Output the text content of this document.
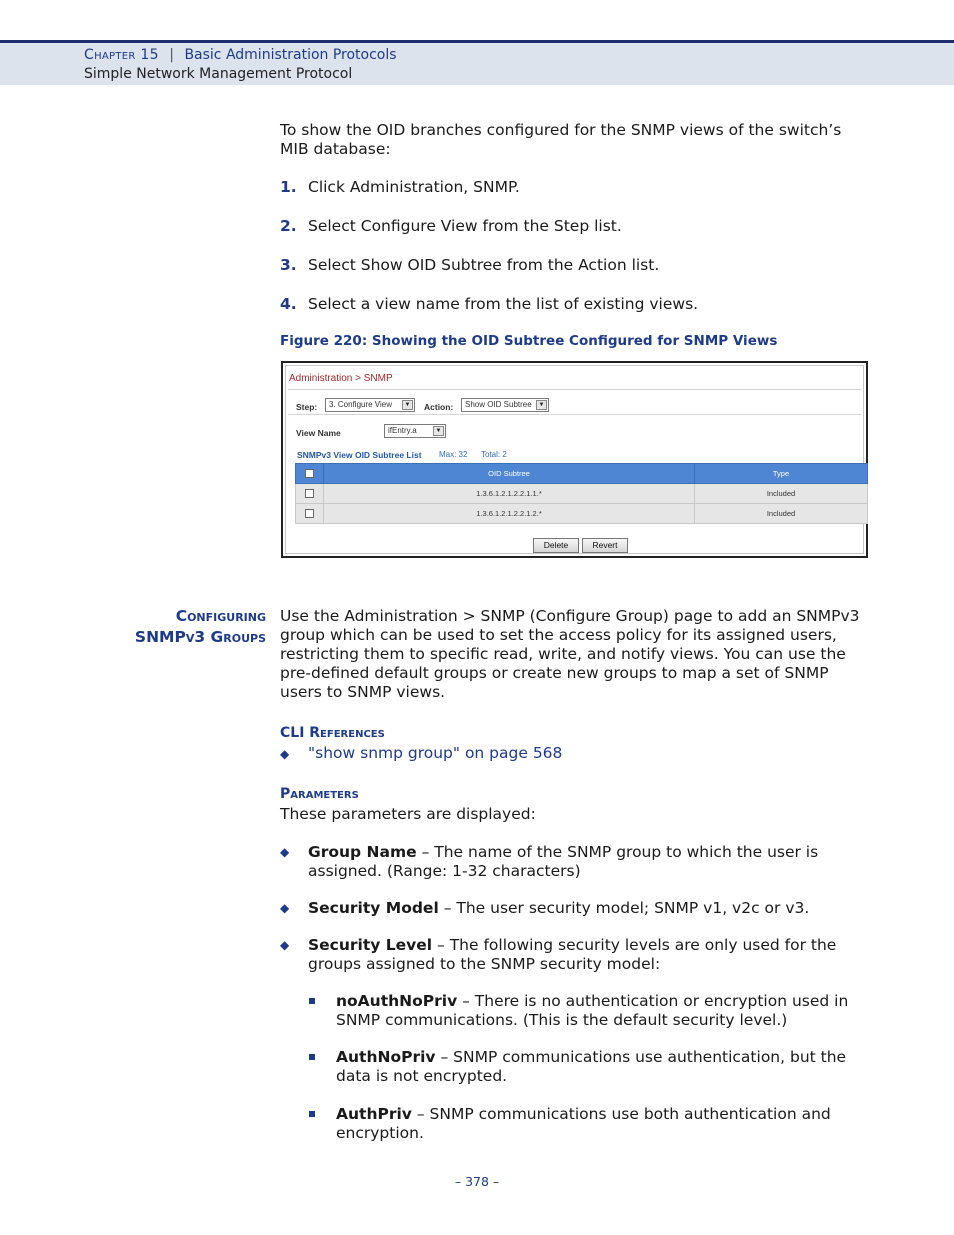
Chapter 15 | Basic Administration Protocols
Simple Network Management Protocol
To show the OID branches configured for the SNMP views of the switch’s MIB database:
1. Click Administration, SNMP.
2. Select Configure View from the Step list.
3. Select Show OID Subtree from the Action list.
4. Select a view name from the list of existing views.
Figure 220: Showing the OID Subtree Configured for SNMP Views
Administration > SNMP
Step:	3. Configure View	▼ Action:	Show OID Subtree	▼
View Name	ifEntry.a	▼
SNMPv3 View OID Subtree List Max: 32 Total: 2
	OID Subtree	Type
	1.3.6.1.2.1.2.2.1.1.*	Included
	1.3.6.1.2.1.2.2.1.2.*	Included
Delete	Revert
Configuring
SNMPv3 Groups
Use the Administration > SNMP (Configure Group) page to add an SNMPv3 group which can be used to set the access policy for its assigned users, restricting them to specific read, write, and notify views. You can use the pre-defined default groups or create new groups to map a set of SNMP users to SNMP views.
CLI References
◆ "show snmp group" on page 568
Parameters
These parameters are displayed:
◆ Group Name – The name of the SNMP group to which the user is assigned. (Range: 1-32 characters)
◆ Security Model – The user security model; SNMP v1, v2c or v3.
◆ Security Level – The following security levels are only used for the groups assigned to the SNMP security model:
noAuthNoPriv – There is no authentication or encryption used in SNMP communications. (This is the default security level.)
AuthNoPriv – SNMP communications use authentication, but the data is not encrypted.
AuthPriv – SNMP communications use both authentication and encryption.
– 378 –
